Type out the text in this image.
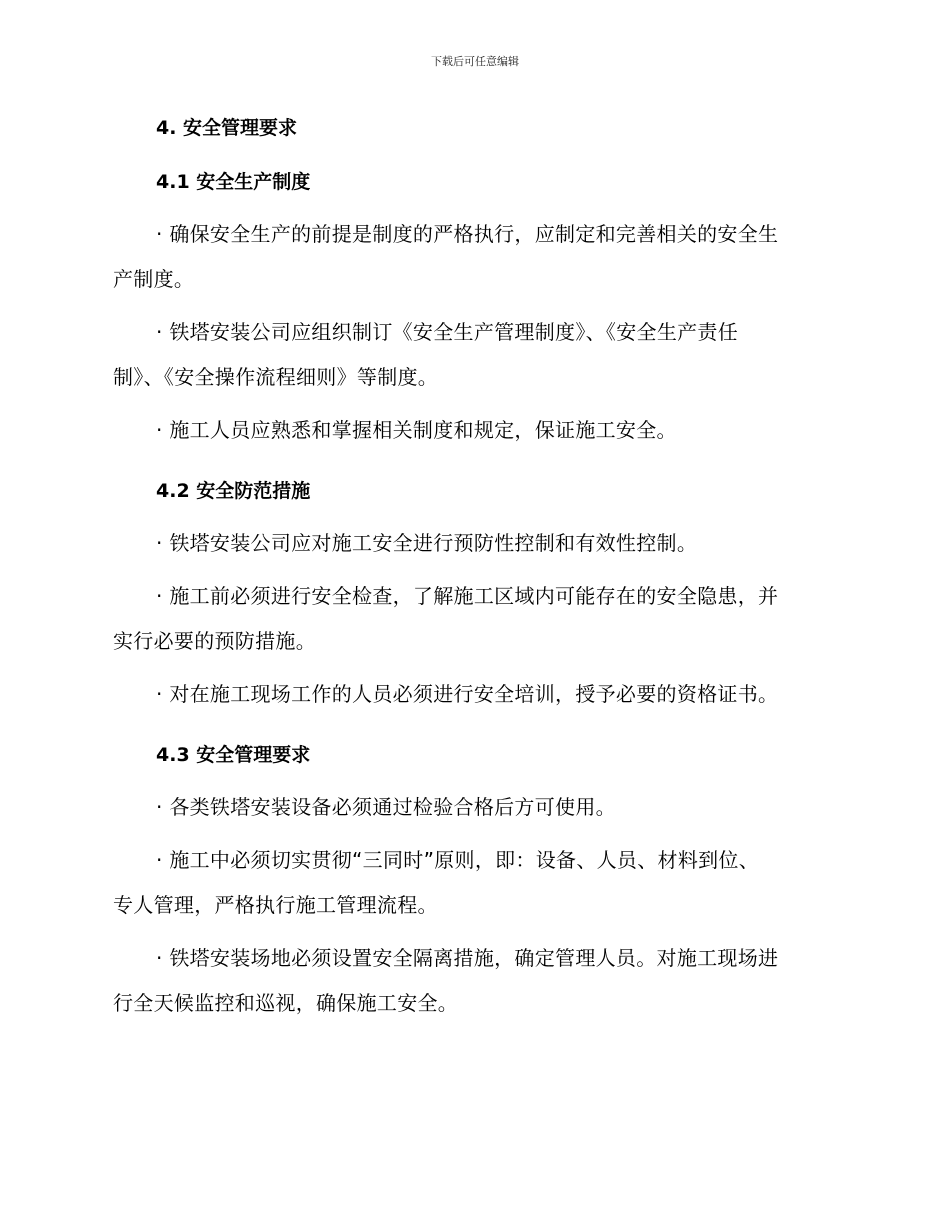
下载后可任意编辑
4. 安全管理要求
4.1 安全生产制度
· 确保安全生产的前提是制度的严格执行，应制定和完善相关的安全生
产制度。
· 铁塔安装公司应组织制订《安全生产管理制度》、《安全生产责任
制》、《安全操作流程细则》等制度。
· 施工人员应熟悉和掌握相关制度和规定，保证施工安全。
4.2 安全防范措施
· 铁塔安装公司应对施工安全进行预防性控制和有效性控制。
· 施工前必须进行安全检查，了解施工区域内可能存在的安全隐患，并
实行必要的预防措施。
· 对在施工现场工作的人员必须进行安全培训，授予必要的资格证书。
4.3 安全管理要求
· 各类铁塔安装设备必须通过检验合格后方可使用。
· 施工中必须切实贯彻“三同时”原则，即：设备、人员、材料到位、
专人管理，严格执行施工管理流程。
· 铁塔安装场地必须设置安全隔离措施，确定管理人员。对施工现场进
行全天候监控和巡视，确保施工安全。
